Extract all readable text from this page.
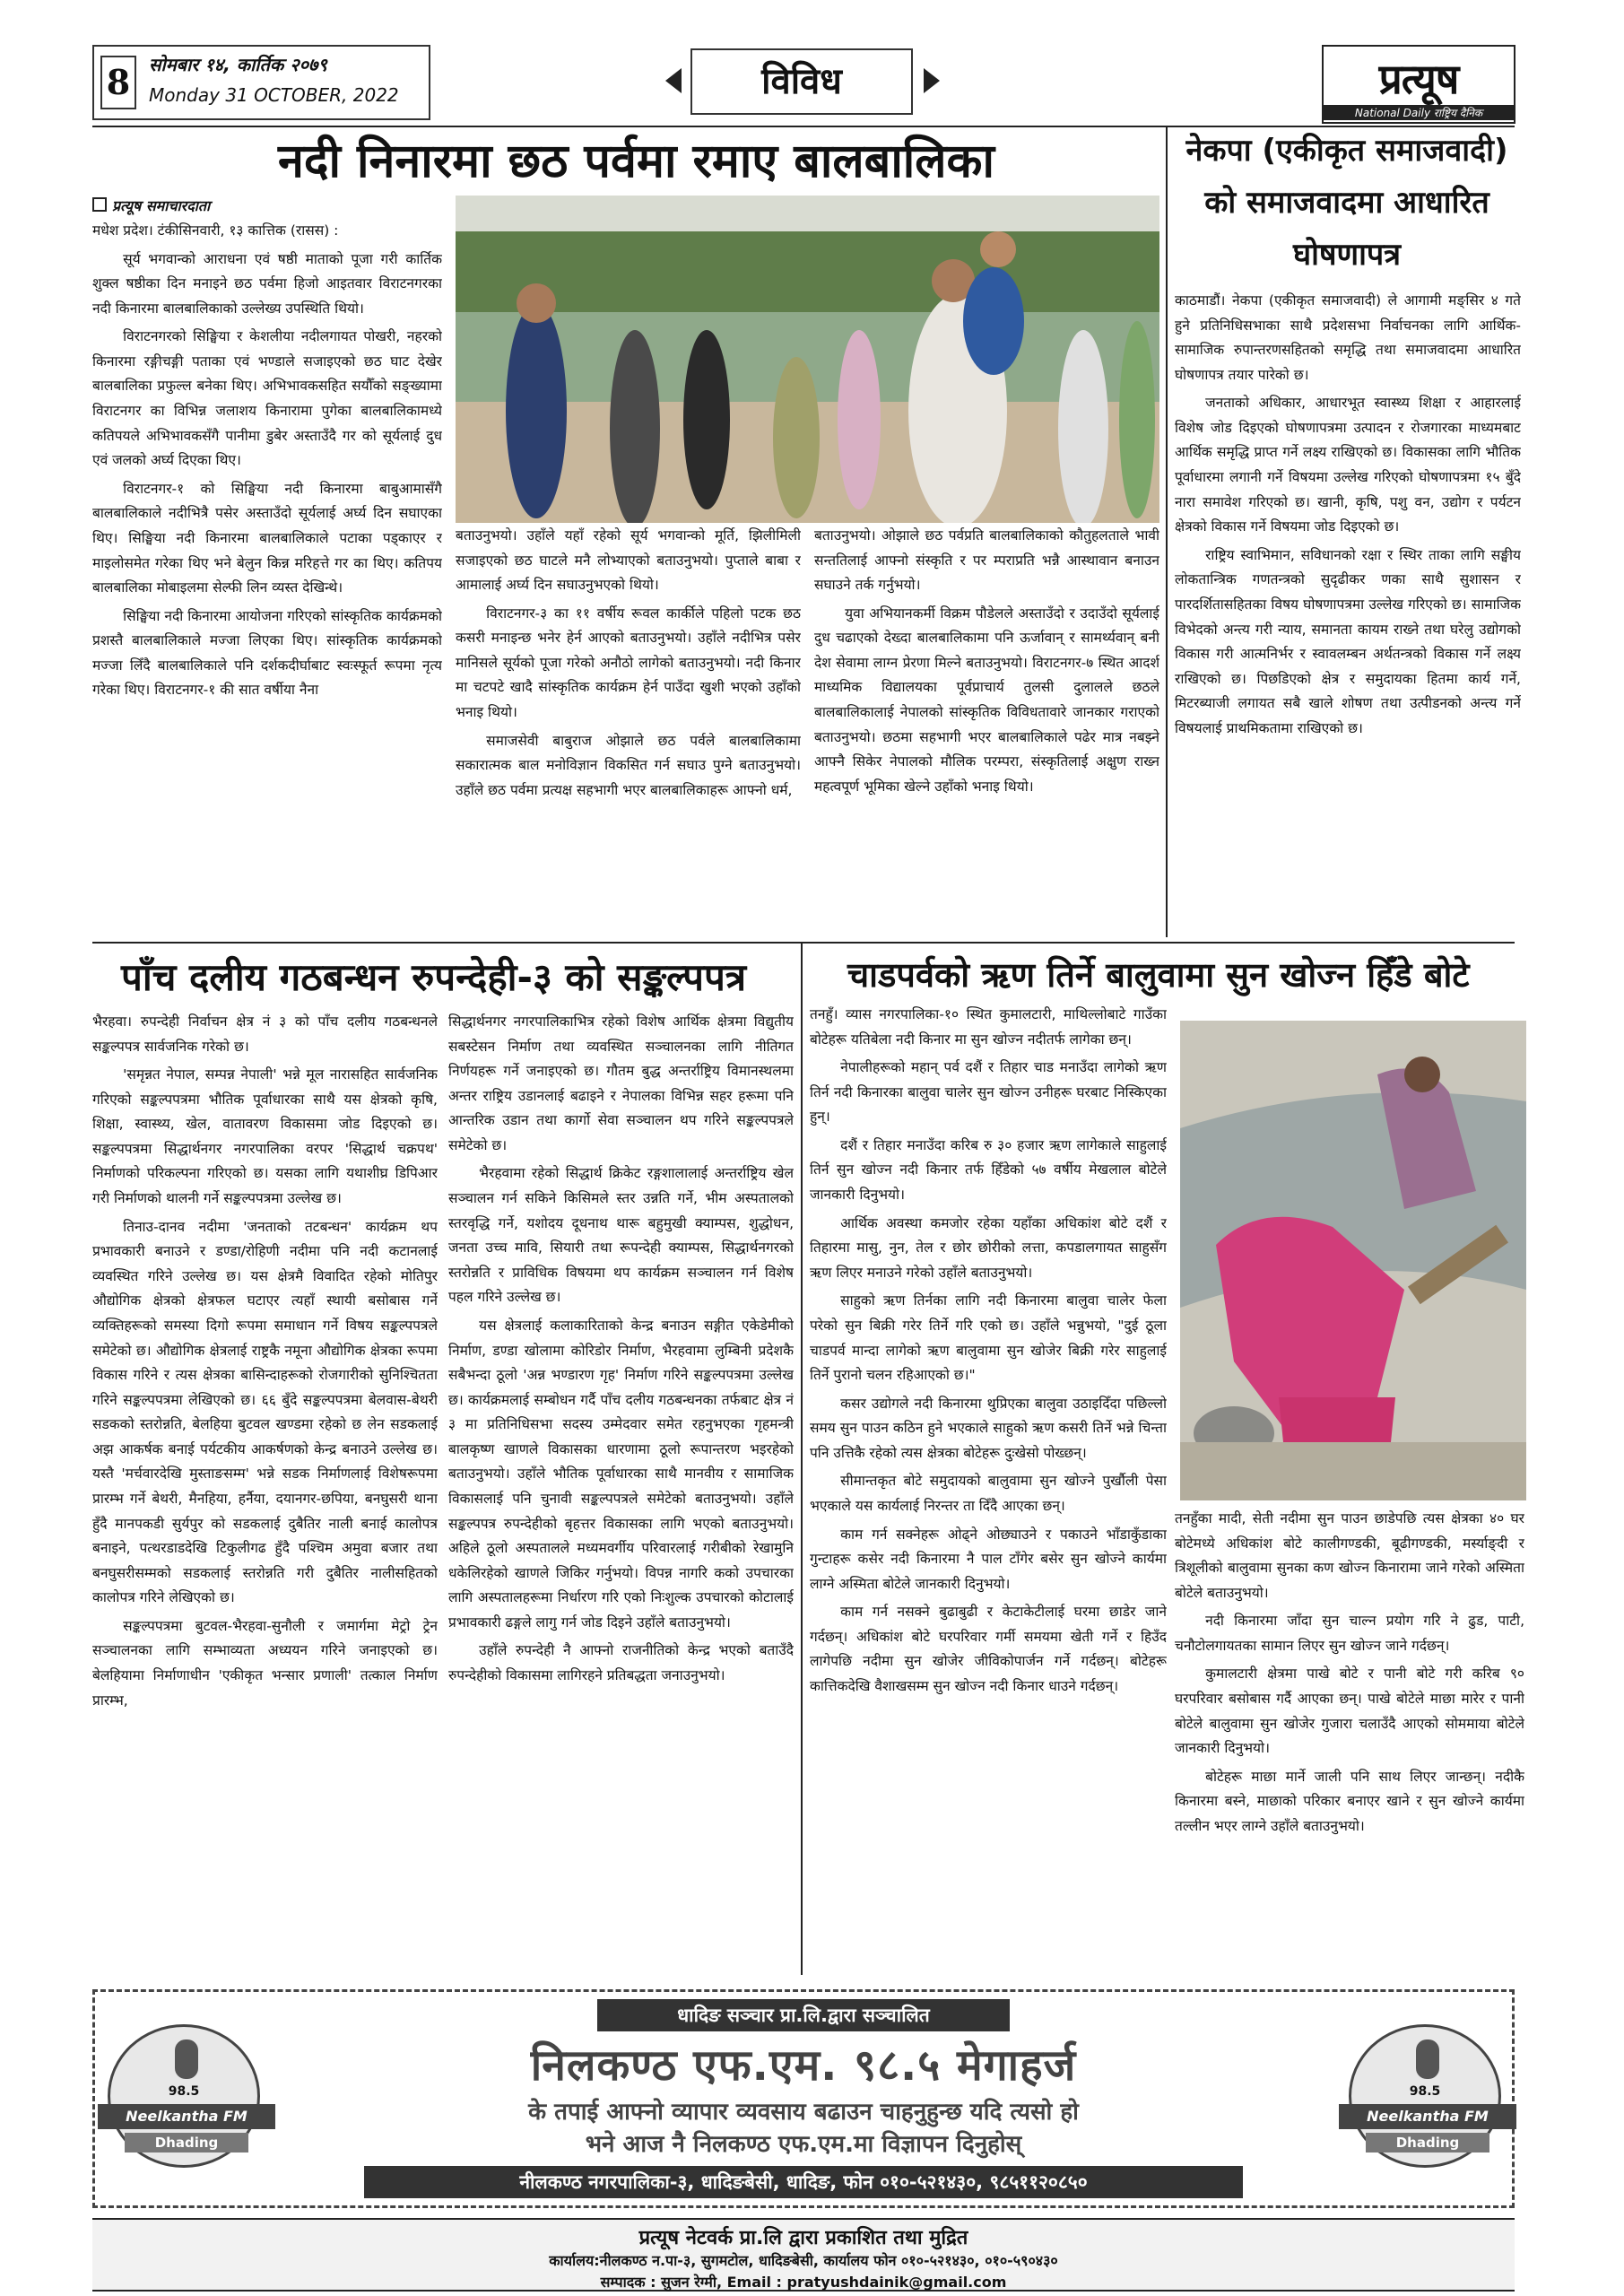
8	सोमबार १४, कार्तिक २०७९
Monday 31 OCTOBER, 2022	विविध	प्रत्यूष
National Daily राष्ट्रिय दैनिक
नदी निनारमा छठ पर्वमा रमाए बालबालिका
प्रत्यूष समाचारदाता

मधेश प्रदेश। टंकीसिनवारी, १३ कात्तिक (रासस) :

सूर्य भगवान्को आराधना एवं षष्ठी माताको पूजा गरी कार्तिक शुक्ल षष्ठीका दिन मनाइने छठ पर्वमा हिजो आइतवार विराटनगरका नदी किनारमा बालबालिकाको उल्लेख्य उपस्थिति थियो।

विराटनगरको सिङ्घिया र केशलीया नदीलगायत पोखरी, नहरको किनारमा रङ्गीचङ्गी पताका एवं भण्डाले सजाइएको छठ घाट देखेर बालबालिका प्रफुल्ल बनेका थिए। अभिभावकसहित सयौँको सङ्ख्यामा विराटनगर का विभिन्न जलाशय किनारामा पुगेका बालबालिकामध्ये कतिपयले अभिभावकसँगै पानीमा डुबेर अस्ताउँदै गर को सूर्यलाई दुध एवं जलको अर्घ्य दिएका थिए।

विराटनगर-१ को सिङ्घिया नदी किनारमा बाबुआमासँगै बालबालिकाले नदीभित्रै पसेर अस्ताउँदो सूर्यलाई अर्घ्य दिन सघाएका थिए। सिङ्घिया नदी किनारमा बालबालिकाले पटाका पड्काएर र माइलोसमेत गरेका थिए भने बेलुन किन्न मरिहत्ते गर का थिए। कतिपय बालबालिका मोबाइलमा सेल्फी लिन व्यस्त देखिन्थे।

सिङ्घिया नदी किनारमा आयोजना गरिएको सांस्कृतिक कार्यक्रमको प्रशस्तै बालबालिकाले मज्जा लिएका थिए। सांस्कृतिक कार्यक्रमको मज्जा लिँदै बालबालिकाले पनि दर्शकदीर्घाबाट स्वःस्फूर्त रूपमा नृत्य गरेका थिए। विराटनगर-१ की सात वर्षीया नैना

बताउनुभयो। उहाँले यहाँ रहेको सूर्य भगवान्को मूर्ति, झिलीमिली सजाइएको छठ घाटले मनै लोभ्याएको बताउनुभयो। पुप्ताले बाबा र आमालाई अर्घ्य दिन सघाउनुभएको थियो।

विराटनगर-३ का ११ वर्षीय रूवल कार्कीले पहिलो पटक छठ कसरी मनाइन्छ भनेर हेर्न आएको बताउनुभयो। उहाँले नदीभित्र पसेर मानिसले सूर्यको पूजा गरेको अनौठो लागेको बताउनुभयो। नदी किनार मा चटपटे खादै सांस्कृतिक कार्यक्रम हेर्न पाउँदा खुशी भएको उहाँको भनाइ थियो।

समाजसेवी बाबुराज ओझाले छठ पर्वले बालबालिकामा सकारात्मक बाल मनोविज्ञान विकसित गर्न सघाउ पुग्ने बताउनुभयो। उहाँले छठ पर्वमा प्रत्यक्ष सहभागी भएर बालबालिकाहरू आफ्नो धर्म,

बताउनुभयो। ओझाले छठ पर्वप्रति बालबालिकाको कौतुहलताले भावी सन्ततिलाई आफ्नो संस्कृति र पर म्पराप्रति भन्नै आस्थावान बनाउन सघाउने तर्क गर्नुभयो।

युवा अभियानकर्मी विक्रम पौडेलले अस्ताउँदो र उदाउँदो सूर्यलाई दुध चढाएको देख्दा बालबालिकामा पनि ऊर्जावान् र सामर्थ्यवान् बनी देश सेवामा लाग्न प्रेरणा मिल्ने बताउनुभयो। विराटनगर-७ स्थित आदर्श माध्यमिक विद्यालयका पूर्वप्राचार्य तुलसी दुलालले छठले बालबालिकालाई नेपालको सांस्कृतिक विविधतावारे जानकार गराएको बताउनुभयो। छठमा सहभागी भएर बालबालिकाले पढेर मात्र नबझ्ने आफ्नै सिकेर नेपालको मौलिक परम्परा, संस्कृतिलाई अक्षुण राख्न महत्वपूर्ण भूमिका खेल्ने उहाँको भनाइ थियो।

नेकपा (एकीकृत समाजवादी) को समाजवादमा आधारित घोषणापत्र

काठमाडौं। नेकपा (एकीकृत समाजवादी) ले आगामी मङ्सिर ४ गते हुने प्रतिनिधिसभाका साथै प्रदेशसभा निर्वाचनका लागि आर्थिक-सामाजिक रुपान्तरणसहितको समृद्धि तथा समाजवादमा आधारित घोषणापत्र तयार पारेको छ।

जनताको अधिकार, आधारभूत स्वास्थ्य शिक्षा र आहारलाई विशेष जोड दिइएको घोषणापत्रमा उत्पादन र रोजगारका माध्यमबाट आर्थिक समृद्धि प्राप्त गर्ने लक्ष्य राखिएको छ। विकासका लागि भौतिक पूर्वाधारमा लगानी गर्ने विषयमा उल्लेख गरिएको घोषणापत्रमा १५ बुँदे नारा समावेश गरिएको छ। खानी, कृषि, पशु वन, उद्योग र पर्यटन क्षेत्रको विकास गर्ने विषयमा जोड दिइएको छ।

राष्ट्रिय स्वाभिमान, सविधानको रक्षा र स्थिर ताका लागि सङ्घीय लोकतान्त्रिक गणतन्त्रको सुदृढीकर णका साथै सुशासन र पारदर्शितासहितका विषय घोषणापत्रमा उल्लेख गरिएको छ। सामाजिक विभेदको अन्त्य गरी न्याय, समानता कायम राख्ने तथा घरेलु उद्योगको विकास गरी आत्मनिर्भर र स्वावलम्बन अर्थतन्त्रको विकास गर्ने लक्ष्य राखिएको छ। पिछडिएको क्षेत्र र समुदायका हितमा कार्य गर्ने, मिटरब्याजी लगायत सबै खाले शोषण तथा उत्पीडनको अन्त्य गर्ने विषयलाई प्राथमिकतामा राखिएको छ।

पाँच दलीय गठबन्धन रुपन्देही-३ को सङ्कल्पपत्र

भैरहवा। रुपन्देही निर्वाचन क्षेत्र नं ३ को पाँच दलीय गठबन्धनले सङ्कल्पपत्र सार्वजनिक गरेको छ।

'समृन्नत नेपाल, सम्पन्न नेपाली' भन्ने मूल नारासहित सार्वजनिक गरिएको सङ्कल्पपत्रमा भौतिक पूर्वाधारका साथै यस क्षेत्रको कृषि, शिक्षा, स्वास्थ्य, खेल, वातावरण विकासमा जोड दिइएको छ। सङ्कल्पपत्रमा सिद्धार्थनगर नगरपालिका वरपर 'सिद्धार्थ चक्रपथ' निर्माणको परिकल्पना गरिएको छ। यसका लागि यथाशीघ्र डिपिआर गरी निर्माणको थालनी गर्ने सङ्कल्पपत्रमा उल्लेख छ।

तिनाउ-दानव नदीमा 'जनताको तटबन्धन' कार्यक्रम थप प्रभावकारी बनाउने र डण्डा/रोहिणी नदीमा पनि नदी कटानलाई व्यवस्थित गरिने उल्लेख छ। यस क्षेत्रमै विवादित रहेको मोतिपुर औद्योगिक क्षेत्रको क्षेत्रफल घटाएर त्यहाँ स्थायी बसोबास गर्ने व्यक्तिहरूको समस्या दिगो रूपमा समाधान गर्ने विषय सङ्कल्पपत्रले समेटेको छ। औद्योगिक क्षेत्रलाई राष्ट्रकै नमूना औद्योगिक क्षेत्रका रूपमा विकास गरिने र त्यस क्षेत्रका बासिन्दाहरूको रोजगारीको सुनिश्चितता गरिने सङ्कल्पपत्रमा लेखिएको छ। ६६ बुँदे सङ्कल्पपत्रमा बेलवास-बेथरी सडकको स्तरोन्नति, बेलहिया बुटवल खण्डमा रहेको छ लेन सडकलाई अझ आकर्षक बनाई पर्यटकीय आकर्षणको केन्द्र बनाउने उल्लेख छ। यस्तै 'मर्चवारदेखि मुस्ताङसम्म' भन्ने सडक निर्माणलाई विशेषरूपमा प्रारम्भ गर्ने बेथरी, मैनहिया, हर्नैया, दयानगर-छपिया, बनघुसरी थाना हुँदै मानपकडी सुर्यपुर को सडकलाई दुबैतिर नाली बनाई कालोपत्र बनाइने, पत्थरडाडदेखि टिकुलीगढ हुँदै पश्चिम अमुवा बजार तथा बनघुसरीसम्मको सडकलाई स्तरोन्नति गरी दुबैतिर नालीसहितको कालोपत्र गरिने लेखिएको छ।

सङ्कल्पपत्रमा बुटवल-भैरहवा-सुनौली र जमार्गमा मेट्रो ट्रेन सञ्चालनका लागि सम्भाव्यता अध्ययन गरिने जनाइएको छ। बेलहियामा निर्माणाधीन 'एकीकृत भन्सार प्रणाली' तत्काल निर्माण प्रारम्भ,

सिद्धार्थनगर नगरपालिकाभित्र रहेको विशेष आर्थिक क्षेत्रमा विद्युतीय सबस्टेसन निर्माण तथा व्यवस्थित सञ्चालनका लागि नीतिगत निर्णयहरू गर्ने जनाइएको छ। गौतम बुद्ध अन्तर्राष्ट्रिय विमानस्थलमा अन्तर राष्ट्रिय उडानलाई बढाइने र नेपालका विभिन्न सहर हरूमा पनि आन्तरिक उडान तथा कार्गो सेवा सञ्चालन थप गरिने सङ्कल्पपत्रले समेटेको छ।

भैरहवामा रहेको सिद्धार्थ क्रिकेट रङ्गशालालाई अन्तर्राष्ट्रिय खेल सञ्चालन गर्न सकिने किसिमले स्तर उन्नति गर्ने, भीम अस्पतालको स्तरवृद्धि गर्ने, यशोदय दूधनाथ थारू बहुमुखी क्याम्पस, शुद्धोधन, जनता उच्च मावि, सियारी तथा रूपन्देही क्याम्पस, सिद्धार्थनगरको स्तरोन्नति र प्राविधिक विषयमा थप कार्यक्रम सञ्चालन गर्न विशेष पहल गरिने उल्लेख छ।

यस क्षेत्रलाई कलाकारिताको केन्द्र बनाउन सङ्गीत एकेडेमीको निर्माण, डण्डा खोलामा कोरिडोर निर्माण, भैरहवामा लुम्बिनी प्रदेशकै सबैभन्दा ठूलो 'अन्न भण्डारण गृह' निर्माण गरिने सङ्कल्पपत्रमा उल्लेख छ। कार्यक्रमलाई सम्बोधन गर्दै पाँच दलीय गठबन्धनका तर्फबाट क्षेत्र नं ३ मा प्रतिनिधिसभा सदस्य उम्मेदवार समेत रहनुभएका गृहमन्त्री बालकृष्ण खाणले विकासका धारणामा ठूलो रूपान्तरण भइरहेको बताउनुभयो। उहाँले भौतिक पूर्वाधारका साथै मानवीय र सामाजिक विकासलाई पनि चुनावी सङ्कल्पपत्रले समेटेको बताउनुभयो। उहाँले सङ्कल्पपत्र रुपन्देहीको बृहत्तर विकासका लागि भएको बताउनुभयो। अहिले ठूलो अस्पतालले मध्यमवर्गीय परिवारलाई गरीबीको रेखामुनि धकेलिरहेको खाणले जिकिर गर्नुभयो। विपन्न नागरि कको उपचारका लागि अस्पतालहरूमा निर्धारण गरि एको निःशुल्क उपचारको कोटालाई प्रभावकारी ढङ्गले लागु गर्न जोड दिइने उहाँले बताउनुभयो।

उहाँले रुपन्देही नै आफ्नो राजनीतिको केन्द्र भएको बताउँदै रुपन्देहीको विकासमा लागिरहने प्रतिबद्धता जनाउनुभयो।

चाडपर्वको ऋण तिर्ने बालुवामा सुन खोज्न हिँडे बोटे

तनहुँ। व्यास नगरपालिका-१० स्थित कुमालटारी, माथिल्लोबाटे गाउँका बोटेहरू यतिबेला नदी किनार मा सुन खोज्न नदीतर्फ लागेका छन्।

नेपालीहरूको महान् पर्व दशैं र तिहार चाड मनाउँदा लागेको ऋण तिर्न नदी किनारका बालुवा चालेर सुन खोज्न उनीहरू घरबाट निस्किएका हुन्।

दशैं र तिहार मनाउँदा करिब रु ३० हजार ऋण लागेकाले साहुलाई तिर्न सुन खोज्न नदी किनार तर्फ हिँडेको ५७ वर्षीय मेखलाल बोटेले जानकारी दिनुभयो।

आर्थिक अवस्था कमजोर रहेका यहाँका अधिकांश बोटे दशैं र तिहारमा मासु, नुन, तेल र छोर छोरीको लत्ता, कपडालगायत साहुसँग ऋण लिएर मनाउने गरेको उहाँले बताउनुभयो।

साहुको ऋण तिर्नका लागि नदी किनारमा बालुवा चालेर फेला परेको सुन बिक्री गरेर तिर्ने गरि एको छ। उहाँले भन्नुभयो, "दुई ठूला चाडपर्व मान्दा लागेको ऋण बालुवामा सुन खोजेर बिक्री गरेर साहुलाई तिर्ने पुरानो चलन रहिआएको छ।"

कसर उद्योगले नदी किनारमा थुप्रिएका बालुवा उठाइदिँदा पछिल्लो समय सुन पाउन कठिन हुने भएकाले साहुको ऋण कसरी तिर्ने भन्ने चिन्ता पनि उत्तिकै रहेको त्यस क्षेत्रका बोटेहरू दुःखेसो पोख्छन्।

सीमान्तकृत बोटे समुदायको बालुवामा सुन खोज्ने पुर्खौली पेसा भएकाले यस कार्यलाई निरन्तर ता दिँदै आएका छन्।

काम गर्न सक्नेहरू ओढ्ने ओछ्याउने र पकाउने भाँडाकुँडाका गुन्टाहरू कसेर नदी किनारमा नै पाल टाँगेर बसेर सुन खोज्ने कार्यमा लाग्ने अस्मिता बोटेले जानकारी दिनुभयो।

काम गर्न नसक्ने बुढाबुढी र केटाकेटीलाई घरमा छाडेर जाने गर्दछन्। अधिकांश बोटे घरपरिवार गर्मी समयमा खेती गर्ने र हिउँद लागेपछि नदीमा सुन खोजेर जीविकोपार्जन गर्ने गर्दछन्। बोटेहरू कात्तिकदेखि वैशाखसम्म सुन खोज्न नदी किनार धाउने गर्दछन्।

तनहुँका मादी, सेती नदीमा सुन पाउन छाडेपछि त्यस क्षेत्रका ४० घर बोटेमध्ये अधिकांश बोटे कालीगण्डकी, बूढीगण्डकी, मर्स्याङ्दी र त्रिशूलीको बालुवामा सुनका कण खोज्न किनारामा जाने गरेको अस्मिता बोटेले बताउनुभयो।

नदी किनारमा जाँदा सुन चाल्न प्रयोग गरि ने ढुड, पाटी, चनौटोलगायतका सामान लिएर सुन खोज्न जाने गर्दछन्।

कुमालटारी क्षेत्रमा पाखे बोटे र पानी बोटे गरी करिब ९० घरपरिवार बसोबास गर्दै आएका छन्। पाखे बोटेले माछा मारेर र पानी बोटेले बालुवामा सुन खोजेर गुजारा चलाउँदै आएको सोममाया बोटेले जानकारी दिनुभयो।

बोटेहरू माछा मार्ने जाली पनि साथ लिएर जान्छन्। नदीकै किनारमा बस्ने, माछाको परिकार बनाएर खाने र सुन खोज्ने कार्यमा तल्लीन भएर लाग्ने उहाँले बताउनुभयो।

98.5
Neelkantha FM
Dhading
धादिङ सञ्चार प्रा.लि.द्वारा सञ्चालित
निलकण्ठ एफ.एम. ९८.५ मेगाहर्ज
के तपाई आफ्नो व्यापार व्यवसाय बढाउन चाहनुहुन्छ यदि त्यसो हो
भने आज नै निलकण्ठ एफ.एम.मा विज्ञापन दिनुहोस्
नीलकण्ठ नगरपालिका-३, धादिङबेसी, धादिङ, फोन ०१०-५२१४३०, ९८५११२०८५०
98.5
Neelkantha FM
Dhading
प्रत्यूष नेटवर्क प्रा.लि द्वारा प्रकाशित तथा मुद्रित
कार्यालय:नीलकण्ठ न.पा-३, सुगमटोल, धादिङबेसी, कार्यालय फोन ०१०-५२१४३०, ०१०-५९०४३०
सम्पादक : सुजन रेग्मी, Email : pratyushdainik@gmail.com
